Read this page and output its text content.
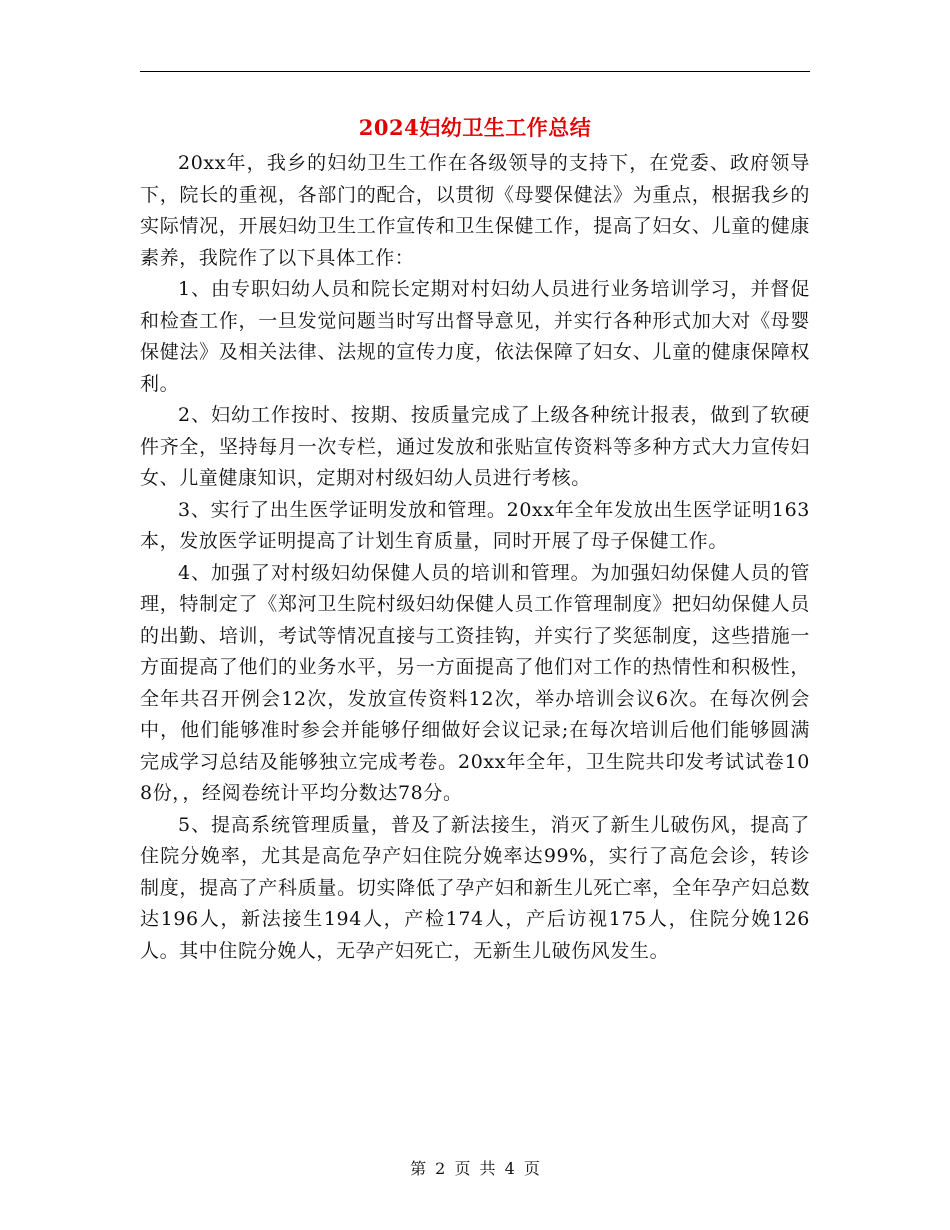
2024妇幼卫生工作总结

20xx年，我乡的妇幼卫生工作在各级领导的支持下，在党委、政府领导下，院长的重视，各部门的配合，以贯彻《母婴保健法》为重点，根据我乡的实际情况，开展妇幼卫生工作宣传和卫生保健工作，提高了妇女、儿童的健康素养，我院作了以下具体工作：

1、由专职妇幼人员和院长定期对村妇幼人员进行业务培训学习，并督促和检查工作，一旦发觉问题当时写出督导意见，并实行各种形式加大对《母婴保健法》及相关法律、法规的宣传力度，依法保障了妇女、儿童的健康保障权利。

2、妇幼工作按时、按期、按质量完成了上级各种统计报表，做到了软硬件齐全，坚持每月一次专栏，通过发放和张贴宣传资料等多种方式大力宣传妇女、儿童健康知识，定期对村级妇幼人员进行考核。

3、实行了出生医学证明发放和管理。20xx年全年发放出生医学证明163本，发放医学证明提高了计划生育质量，同时开展了母子保健工作。

4、加强了对村级妇幼保健人员的培训和管理。为加强妇幼保健人员的管理，特制定了《郑河卫生院村级妇幼保健人员工作管理制度》把妇幼保健人员的出勤、培训，考试等情况直接与工资挂钩，并实行了奖惩制度，这些措施一方面提高了他们的业务水平，另一方面提高了他们对工作的热情性和积极性，全年共召开例会12次，发放宣传资料12次，举办培训会议6次。在每次例会中，他们能够准时参会并能够仔细做好会议记录;在每次培训后他们能够圆满完成学习总结及能够独立完成考卷。20xx年全年，卫生院共印发考试试卷108份，，经阅卷统计平均分数达78分。

5、提高系统管理质量，普及了新法接生，消灭了新生儿破伤风，提高了住院分娩率，尤其是高危孕产妇住院分娩率达99%，实行了高危会诊，转诊制度，提高了产科质量。切实降低了孕产妇和新生儿死亡率，全年孕产妇总数达196人，新法接生194人，产检174人，产后访视175人，住院分娩126人。其中住院分娩人，无孕产妇死亡，无新生儿破伤风发生。

第 2 页 共 4 页
